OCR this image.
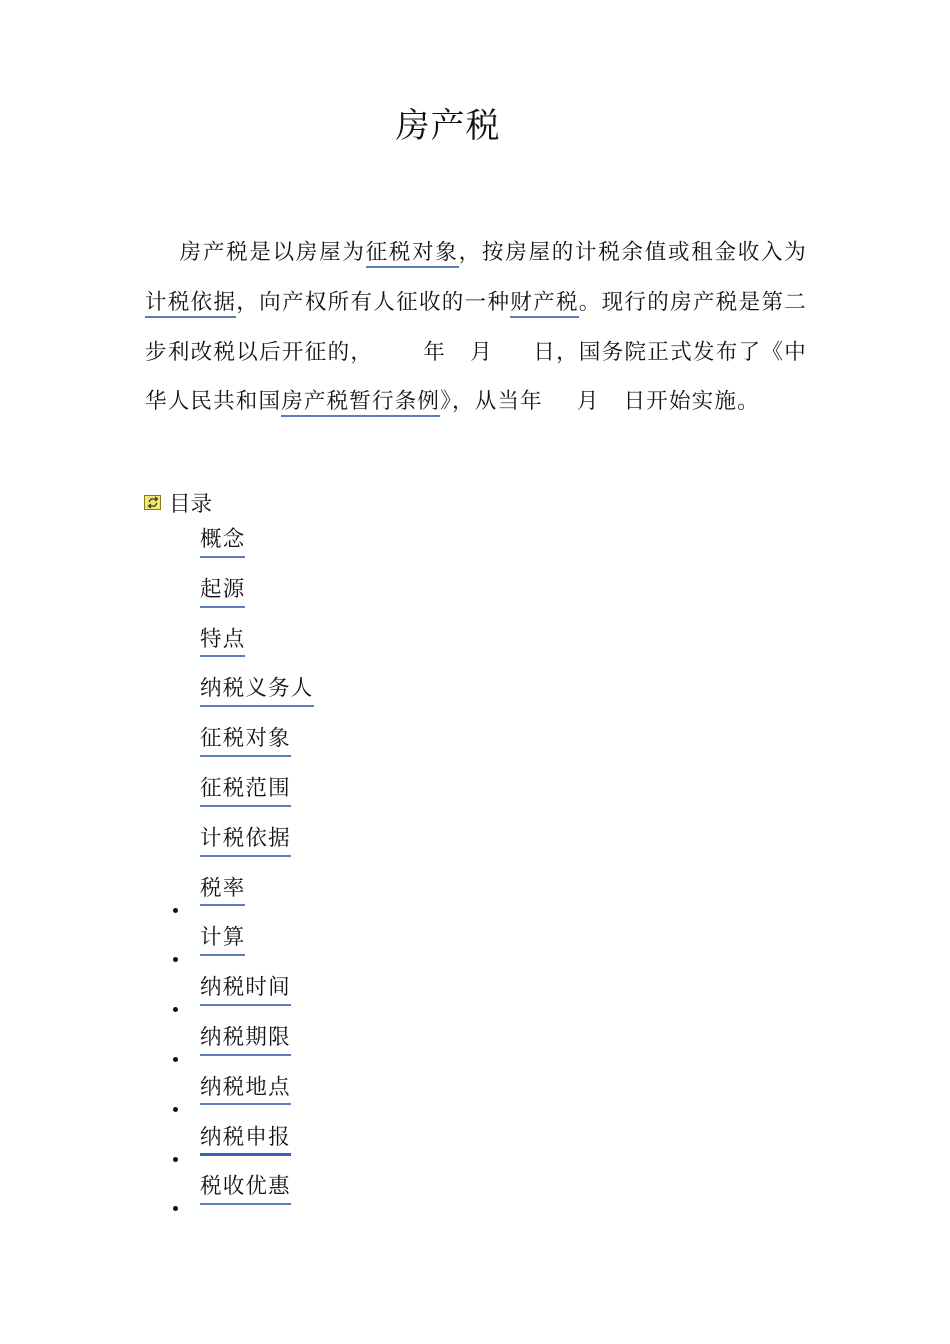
房产税

房产税是以房屋为征税对象，按房屋的计税余值或租金收入为计税依据，向产权所有人征收的一种财产税。现行的房产税是第二步利改税以后开征的， 年 月 日，国务院正式发布了《中华人民共和国房产税暂行条例》，从当年 月 日开始实施。

目录
概念
起源
特点
纳税义务人
征税对象
征税范围
计税依据
税率
计算
纳税时间
纳税期限
纳税地点
纳税申报
税收优惠
